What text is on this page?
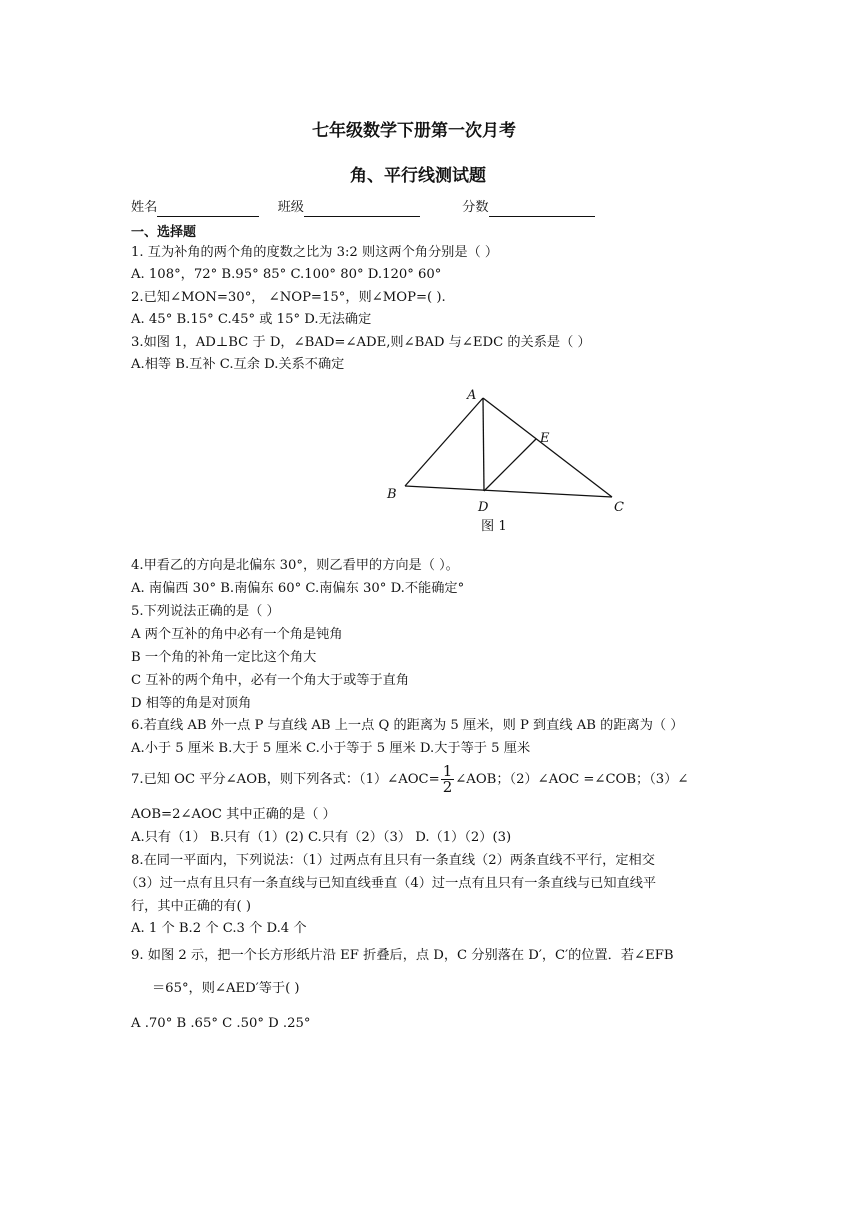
七年级数学下册第一次月考
角、平行线测试题
姓名	班级	分数
一、选择题
1. 互为补角的两个角的度数之比为 3:2 则这两个角分别是（ ）
A. 108°，72° B.95° 85° C.100° 80° D.120° 60°
2.已知∠MON=30°， ∠NOP=15°，则∠MOP=( ).
A. 45° B.15° C.45° 或 15° D.无法确定
3.如图 1，AD⊥BC 于 D，∠BAD=∠ADE,则∠BAD 与∠EDC 的关系是（ ）
A.相等 B.互补 C.互余 D.关系不确定
A
B
C
D
E
图 1
4.甲看乙的方向是北偏东 30°，则乙看甲的方向是（ ）。
A. 南偏西 30° B.南偏东 60° C.南偏东 30° D.不能确定°
5.下列说法正确的是（ ）
A 两个互补的角中必有一个角是钝角
B 一个角的补角一定比这个角大
C 互补的两个角中，必有一个角大于或等于直角
D 相等的角是对顶角
6.若直线 AB 外一点 P 与直线 AB 上一点 Q 的距离为 5 厘米，则 P 到直线 AB 的距离为（ ）
A.小于 5 厘米 B.大于 5 厘米 C.小于等于 5 厘米 D.大于等于 5 厘米
7.已知 OC 平分∠AOB，则下列各式：（1）∠AOC= $\frac{1}{2}$ ∠AOB；（2）∠AOC =∠COB；（3）∠
AOB=2∠AOC 其中正确的是（ ）
A.只有（1） B.只有（1）(2) C.只有（2）（3） D.（1）（2）(3)
8.在同一平面内，下列说法：（1）过两点有且只有一条直线（2）两条直线不平行，定相交
（3）过一点有且只有一条直线与已知直线垂直（4）过一点有且只有一条直线与已知直线平
行，其中正确的有( )
A. 1 个 B.2 个 C.3 个 D.4 个
9. 如图 2 示，把一个长方形纸片沿 EF 折叠后，点 D，C 分别落在 D′，C′的位置．若∠EFB
＝65°，则∠AED′等于( )
A .70° B .65° C .50° D .25°
